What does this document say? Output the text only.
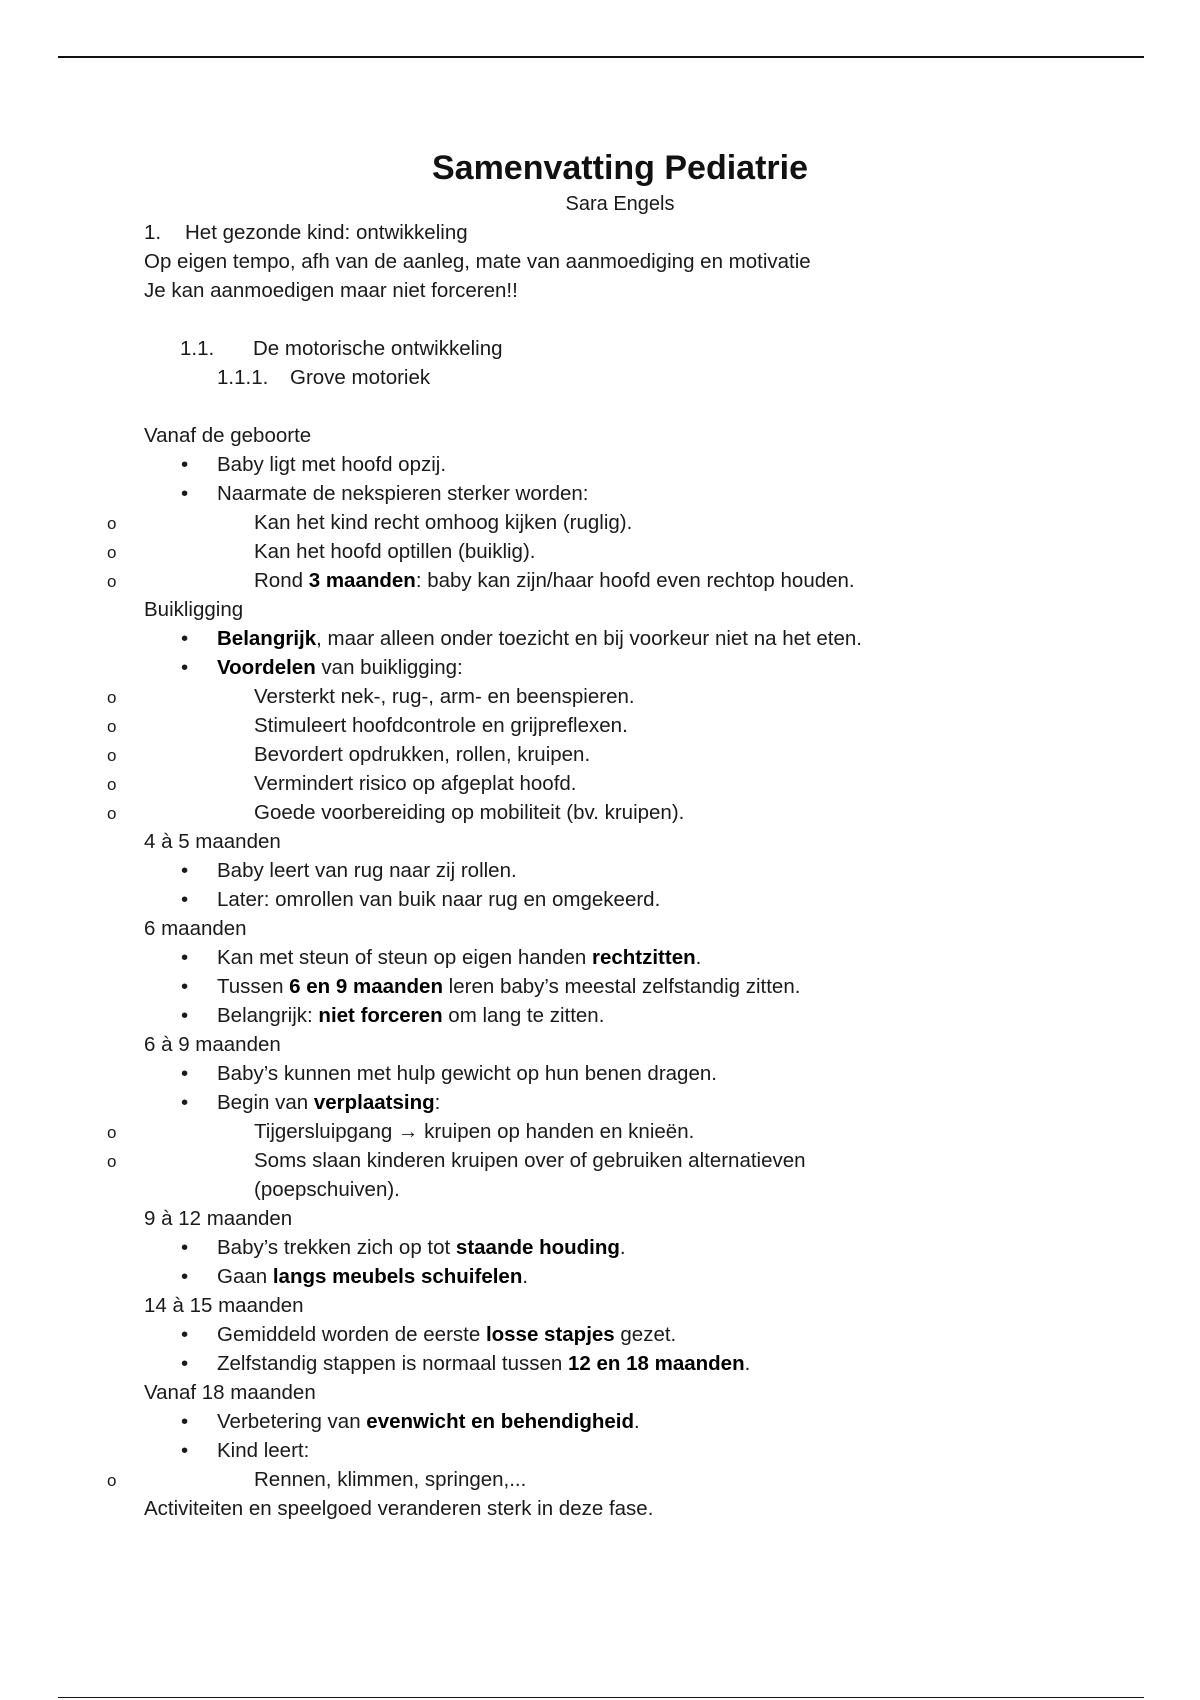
Samenvatting Pediatrie
Sara Engels
1. Het gezonde kind: ontwikkeling
Op eigen tempo, afh van de aanleg, mate van aanmoediging en motivatie
Je kan aanmoedigen maar niet forceren!!
1.1. De motorische ontwikkeling
1.1.1. Grove motoriek
Vanaf de geboorte
• Baby ligt met hoofd opzij.
• Naarmate de nekspieren sterker worden:
o Kan het kind recht omhoog kijken (ruglig).
o Kan het hoofd optillen (buiklig).
o Rond 3 maanden: baby kan zijn/haar hoofd even rechtop houden.
Buikligging
• Belangrijk, maar alleen onder toezicht en bij voorkeur niet na het eten.
• Voordelen van buikligging:
o Versterkt nek-, rug-, arm- en beenspieren.
o Stimuleert hoofdcontrole en grijpreflexen.
o Bevordert opdrukken, rollen, kruipen.
o Vermindert risico op afgeplat hoofd.
o Goede voorbereiding op mobiliteit (bv. kruipen).
4 à 5 maanden
• Baby leert van rug naar zij rollen.
• Later: omrollen van buik naar rug en omgekeerd.
6 maanden
• Kan met steun of steun op eigen handen rechtzitten.
• Tussen 6 en 9 maanden leren baby’s meestal zelfstandig zitten.
• Belangrijk: niet forceren om lang te zitten.
6 à 9 maanden
• Baby’s kunnen met hulp gewicht op hun benen dragen.
• Begin van verplaatsing:
o Tijgersluipgang → kruipen op handen en knieën.
o Soms slaan kinderen kruipen over of gebruiken alternatieven
(poepschuiven).
9 à 12 maanden
• Baby’s trekken zich op tot staande houding.
• Gaan langs meubels schuifelen.
14 à 15 maanden
• Gemiddeld worden de eerste losse stapjes gezet.
• Zelfstandig stappen is normaal tussen 12 en 18 maanden.
Vanaf 18 maanden
• Verbetering van evenwicht en behendigheid.
• Kind leert:
o Rennen, klimmen, springen,...
Activiteiten en speelgoed veranderen sterk in deze fase.
